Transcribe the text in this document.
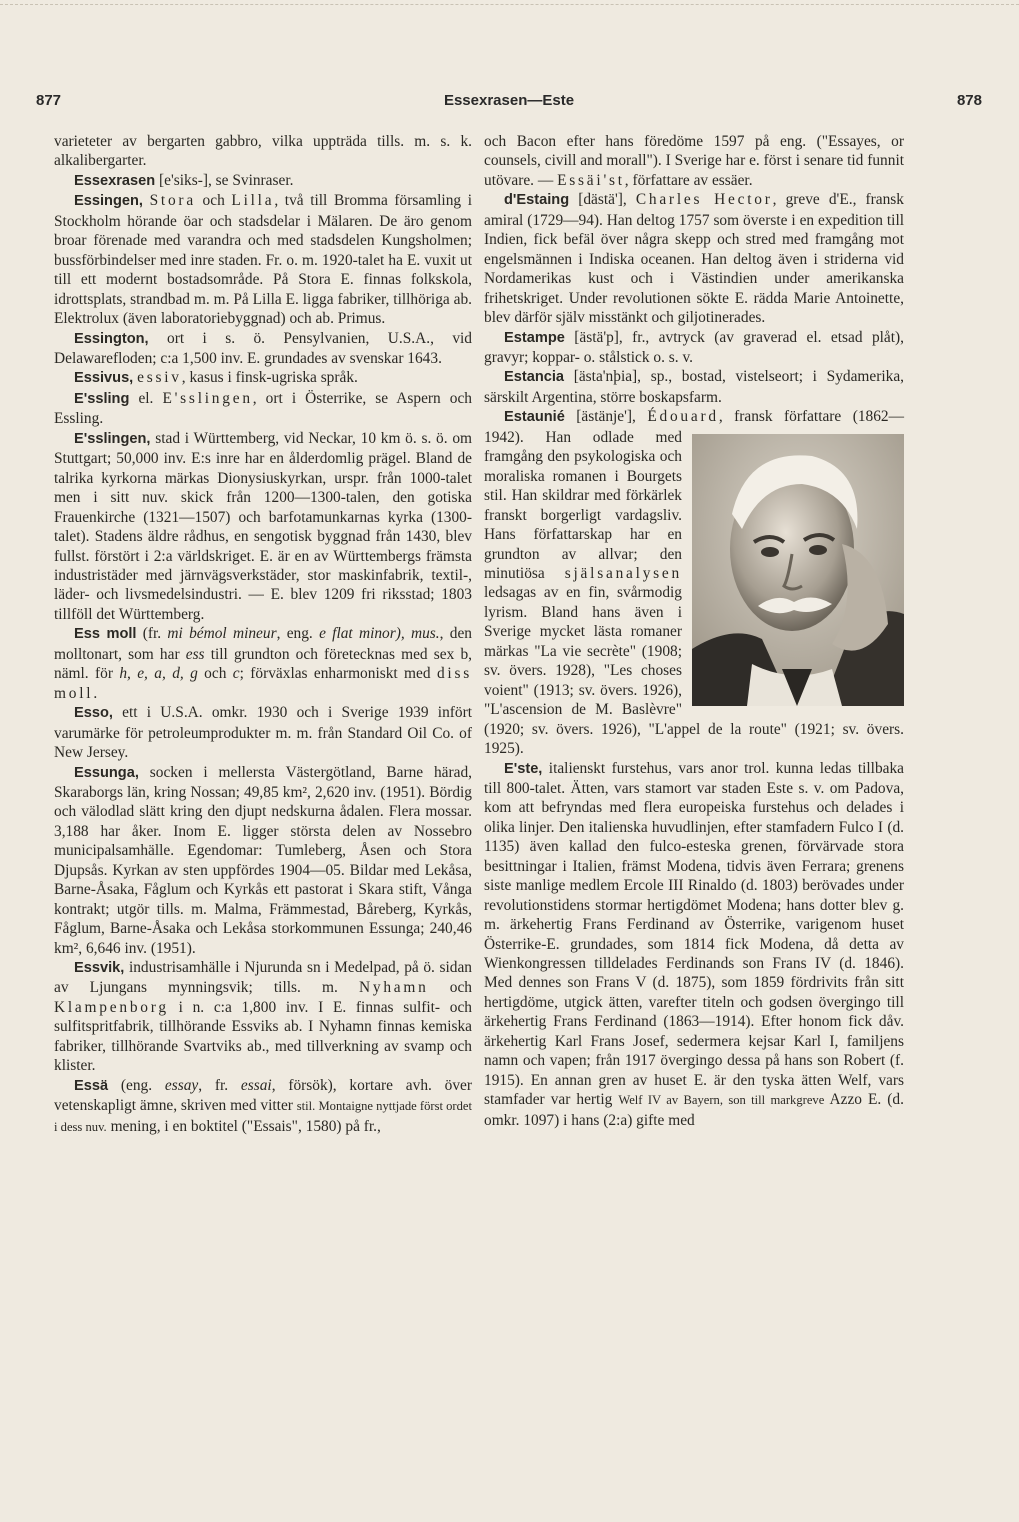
877	Essexrasen—Este	878

varieteter av bergarten gabbro, vilka uppträda tills. m. s. k. alkalibergarter.

Essexrasen [e'siks-], se Svinraser.

Essingen, Stora och Lilla, två till Bromma församling i Stockholm hörande öar och stadsdelar i Mälaren. De äro genom broar förenade med varandra och med stadsdelen Kungsholmen; bussförbindelser med inre staden. Fr. o. m. 1920-talet ha E. vuxit ut till ett modernt bostadsområde. På Stora E. finnas folkskola, idrottsplats, strandbad m. m. På Lilla E. ligga fabriker, tillhöriga ab. Elektrolux (även laboratoriebyggnad) och ab. Primus.

Essington, ort i s. ö. Pensylvanien, U.S.A., vid Delawarefloden; c:a 1,500 inv. E. grundades av svenskar 1643.

Essivus, essiv, kasus i finsk-ugriska språk.

E'ssling el. E'sslingen, ort i Österrike, se Aspern och Essling.

E'sslingen, stad i Württemberg, vid Neckar, 10 km ö. s. ö. om Stuttgart; 50,000 inv. E:s inre har en ålderdomlig prägel. Bland de talrika kyrkorna märkas Dionysiuskyrkan, urspr. från 1000-talet men i sitt nuv. skick från 1200—1300-talen, den gotiska Frauenkirche (1321—1507) och barfotamunkarnas kyrka (1300-talet). Stadens äldre rådhus, en sengotisk byggnad från 1430, blev fullst. förstört i 2:a världskriget. E. är en av Württembergs främsta industristäder med järnvägsverkstäder, stor maskinfabrik, textil-, läder- och livsmedelsindustri. — E. blev 1209 fri riksstad; 1803 tillföll det Württemberg.

Ess moll (fr. mi bémol mineur, eng. e flat minor), mus., den molltonart, som har ess till grundton och företecknas med sex b, näml. för h, e, a, d, g och c; förväxlas enharmoniskt med diss moll.

Esso, ett i U.S.A. omkr. 1930 och i Sverige 1939 infört varumärke för petroleumprodukter m. m. från Standard Oil Co. of New Jersey.

Essunga, socken i mellersta Västergötland, Barne härad, Skaraborgs län, kring Nossan; 49,85 km², 2,620 inv. (1951). Bördig och välodlad slätt kring den djupt nedskurna ådalen. Flera mossar. 3,188 har åker. Inom E. ligger största delen av Nossebro municipalsamhälle. Egendomar: Tumleberg, Åsen och Stora Djupsås. Kyrkan av sten uppfördes 1904—05. Bildar med Lekåsa, Barne-Åsaka, Fåglum och Kyrkås ett pastorat i Skara stift, Vånga kontrakt; utgör tills. m. Malma, Främmestad, Båreberg, Kyrkås, Fåglum, Barne-Åsaka och Lekåsa storkommunen Essunga; 240,46 km², 6,646 inv. (1951).

Essvik, industrisamhälle i Njurunda sn i Medelpad, på ö. sidan av Ljungans mynningsvik; tills. m. Nyhamn och Klampenborg i n. c:a 1,800 inv. I E. finnas sulfit- och sulfitspritfabrik, tillhörande Essviks ab. I Nyhamn finnas kemiska fabriker, tillhörande Svartviks ab., med tillverkning av svamp och klister.

Essä (eng. essay, fr. essai, försök), kortare avh. över vetenskapligt ämne, skriven med vitter stil. Montaigne nyttjade först ordet i dess nuv. mening, i en boktitel ("Essais", 1580) på fr.,

och Bacon efter hans föredöme 1597 på eng. ("Essayes, or counsels, civill and morall"). I Sverige har e. först i senare tid funnit utövare. — Essäi'st, författare av essäer.

d'Estaing [dästä'], Charles Hector, greve d'E., fransk amiral (1729—94). Han deltog 1757 som överste i en expedition till Indien, fick befäl över några skepp och stred med framgång mot engelsmännen i Indiska oceanen. Han deltog även i striderna vid Nordamerikas kust och i Västindien under amerikanska frihetskriget. Under revolutionen sökte E. rädda Marie Antoinette, blev därför själv misstänkt och giljotinerades.

Estampe [ästä'p], fr., avtryck (av graverad el. etsad plåt), gravyr; koppar- o. stålstick o. s. v.

Estancia [ästa'nþia], sp., bostad, vistelseort; i Sydamerika, särskilt Argentina, större boskapsfarm.

Estaunié [ästänje'], Édouard
, fransk författare (1862—1942). Han odlade med framgång den psykologiska och moraliska romanen i Bourgets stil. Han skildrar med förkärlek franskt borgerligt vardagsliv. Hans författarskap har en grundton av allvar; den minutiösa själsanalysen ledsagas av en fin, svårmodig lyrism. Bland hans även i Sverige mycket lästa romaner märkas "La vie secrète" (1908; sv. övers. 1928), "Les choses voient" (1913; sv. övers. 1926), "L'ascension de M. Baslèvre" (1920; sv. övers. 1926), "L'appel de la route" (1921; sv. övers. 1925).

E'ste, italienskt furstehus, vars anor trol. kunna ledas tillbaka till 800-talet. Ätten, vars stamort var staden Este s. v. om Padova, kom att befryndas med flera europeiska furstehus och delades i olika linjer. Den italienska huvudlinjen, efter stamfadern Fulco I (d. 1135) även kallad den fulco-esteska grenen, förvärvade stora besittningar i Italien, främst Modena, tidvis även Ferrara; grenens siste manlige medlem Ercole III Rinaldo (d. 1803) berövades under revolutionstidens stormar hertigdömet Modena; hans dotter blev g. m. ärkehertig Frans Ferdinand av Österrike, varigenom huset Österrike-E. grundades, som 1814 fick Modena, då detta av Wienkongressen tilldelades Ferdinands son Frans IV (d. 1846). Med dennes son Frans V (d. 1875), som 1859 fördrivits från sitt hertigdöme, utgick ätten, varefter titeln och godsen övergingo till ärkehertig Frans Ferdinand (1863—1914). Efter honom fick dåv. ärkehertig Karl Frans Josef, sedermera kejsar Karl I, familjens namn och vapen; från 1917 övergingo dessa på hans son Robert (f. 1915). En annan gren av huset E. är den tyska ätten Welf, vars stamfader var hertig Welf IV av Bayern, son till markgreve Azzo E. (d. omkr. 1097) i hans (2:a) gifte med
